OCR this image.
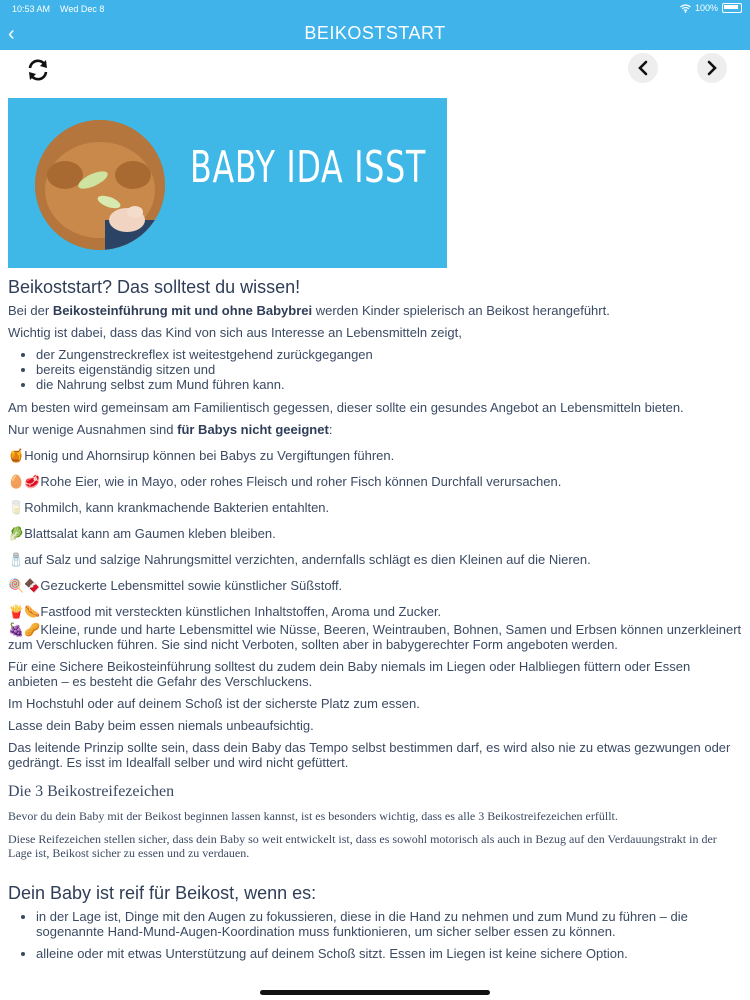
10:53 AM Wed Dec 8	100%
‹	BEIKOSTSTART
BABY IDA ISST
Beikoststart? Das solltest du wissen!

Bei der Beikosteinführung mit und ohne Babybrei werden Kinder spielerisch an Beikost herangeführt.

Wichtig ist dabei, dass das Kind von sich aus Interesse an Lebensmitteln zeigt,

• der Zungenstreckreflex ist weitestgehend zurückgegangen
• bereits eigenständig sitzen und
• die Nahrung selbst zum Mund führen kann.

Am besten wird gemeinsam am Familientisch gegessen, dieser sollte ein gesundes Angebot an Lebensmitteln bieten.

Nur wenige Ausnahmen sind für Babys nicht geeignet:

🍯Honig und Ahornsirup können bei Babys zu Vergiftungen führen.

🥚🥩Rohe Eier, wie in Mayo, oder rohes Fleisch und roher Fisch können Durchfall verursachen.

🥛Rohmilch, kann krankmachende Bakterien entahlten.

🥬Blattsalat kann am Gaumen kleben bleiben.

🧂auf Salz und salzige Nahrungsmittel verzichten, andernfalls schlägt es dien Kleinen auf die Nieren.

🍭🍫Gezuckerte Lebensmittel sowie künstlicher Süßstoff.

🍟🌭Fastfood mit versteckten künstlichen Inhaltstoffen, Aroma und Zucker.

🍇🥜Kleine, runde und harte Lebensmittel wie Nüsse, Beeren, Weintrauben, Bohnen, Samen und Erbsen können unzerkleinert zum Verschlucken führen. Sie sind nicht Verboten, sollten aber in babygerechter Form angeboten werden.

Für eine Sichere Beikosteinführung solltest du zudem dein Baby niemals im Liegen oder Halbliegen füttern oder Essen anbieten – es besteht die Gefahr des Verschluckens.

Im Hochstuhl oder auf deinem Schoß ist der sicherste Platz zum essen.

Lasse dein Baby beim essen niemals unbeaufsichtig.

Das leitende Prinzip sollte sein, dass dein Baby das Tempo selbst bestimmen darf, es wird also nie zu etwas gezwungen oder gedrängt. Es isst im Idealfall selber und wird nicht gefüttert.

Die 3 Beikostreifezeichen

Bevor du dein Baby mit der Beikost beginnen lassen kannst, ist es besonders wichtig, dass es alle 3 Beikostreifezeichen erfüllt.

Diese Reifezeichen stellen sicher, dass dein Baby so weit entwickelt ist, dass es sowohl motorisch als auch in Bezug auf den Verdauungstrakt in der Lage ist, Beikost sicher zu essen und zu verdauen.

Dein Baby ist reif für Beikost, wenn es:
• in der Lage ist, Dinge mit den Augen zu fokussieren, diese in die Hand zu nehmen und zum Mund zu führen – die sogenannte Hand-Mund-Augen-Koordination muss funktionieren, um sicher selber essen zu können.
• alleine oder mit etwas Unterstützung auf deinem Schoß sitzt. Essen im Liegen ist keine sichere Option.
